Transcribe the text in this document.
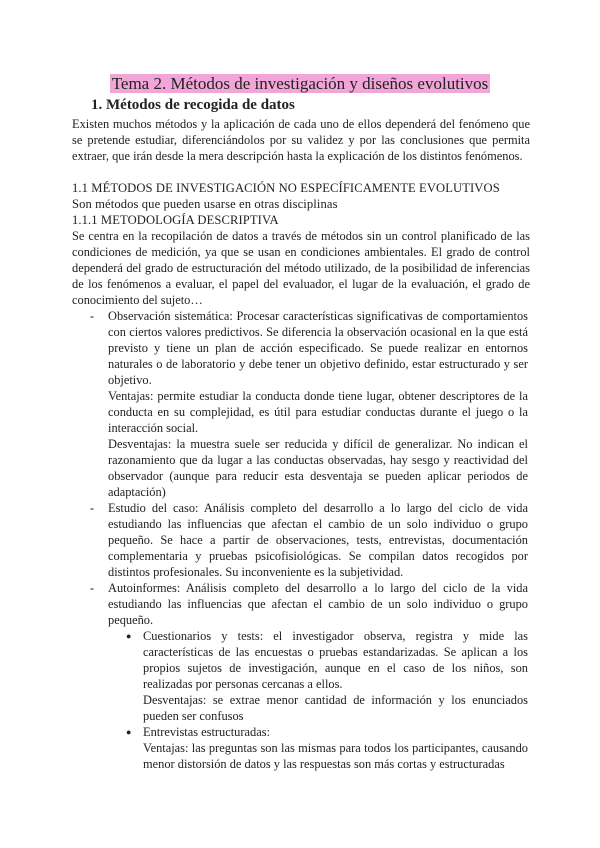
Tema 2. Métodos de investigación y diseños evolutivos
1. Métodos de recogida de datos
Existen muchos métodos y la aplicación de cada uno de ellos dependerá del fenómeno que se pretende estudiar, diferenciándolos por su validez y por las conclusiones que permita extraer, que irán desde la mera descripción hasta la explicación de los distintos fenómenos.
1.1 MÉTODOS DE INVESTIGACIÓN NO ESPECÍFICAMENTE EVOLUTIVOS
Son métodos que pueden usarse en otras disciplinas
1.1.1 METODOLOGÍA DESCRIPTIVA
Se centra en la recopilación de datos a través de métodos sin un control planificado de las condiciones de medición, ya que se usan en condiciones ambientales. El grado de control dependerá del grado de estructuración del método utilizado, de la posibilidad de inferencias de los fenómenos a evaluar, el papel del evaluador, el lugar de la evaluación, el grado de conocimiento del sujeto…
- Observación sistemática: Procesar características significativas de comportamientos con ciertos valores predictivos. Se diferencia la observación ocasional en la que está previsto y tiene un plan de acción especificado. Se puede realizar en entornos naturales o de laboratorio y debe tener un objetivo definido, estar estructurado y ser objetivo.
Ventajas: permite estudiar la conducta donde tiene lugar, obtener descriptores de la conducta en su complejidad, es útil para estudiar conductas durante el juego o la interacción social.
Desventajas: la muestra suele ser reducida y difícil de generalizar. No indican el razonamiento que da lugar a las conductas observadas, hay sesgo y reactividad del observador (aunque para reducir esta desventaja se pueden aplicar periodos de adaptación)
- Estudio del caso: Análisis completo del desarrollo a lo largo del ciclo de vida estudiando las influencias que afectan el cambio de un solo individuo o grupo pequeño. Se hace a partir de observaciones, tests, entrevistas, documentación complementaria y pruebas psicofisiológicas. Se compilan datos recogidos por distintos profesionales. Su inconveniente es la subjetividad.
- Autoinformes: Análisis completo del desarrollo a lo largo del ciclo de la vida estudiando las influencias que afectan el cambio de un solo individuo o grupo pequeño.
● Cuestionarios y tests: el investigador observa, registra y mide las características de las encuestas o pruebas estandarizadas. Se aplican a los propios sujetos de investigación, aunque en el caso de los niños, son realizadas por personas cercanas a ellos.
Desventajas: se extrae menor cantidad de información y los enunciados pueden ser confusos
● Entrevistas estructuradas:
Ventajas: las preguntas son las mismas para todos los participantes, causando menor distorsión de datos y las respuestas son más cortas y estructuradas
